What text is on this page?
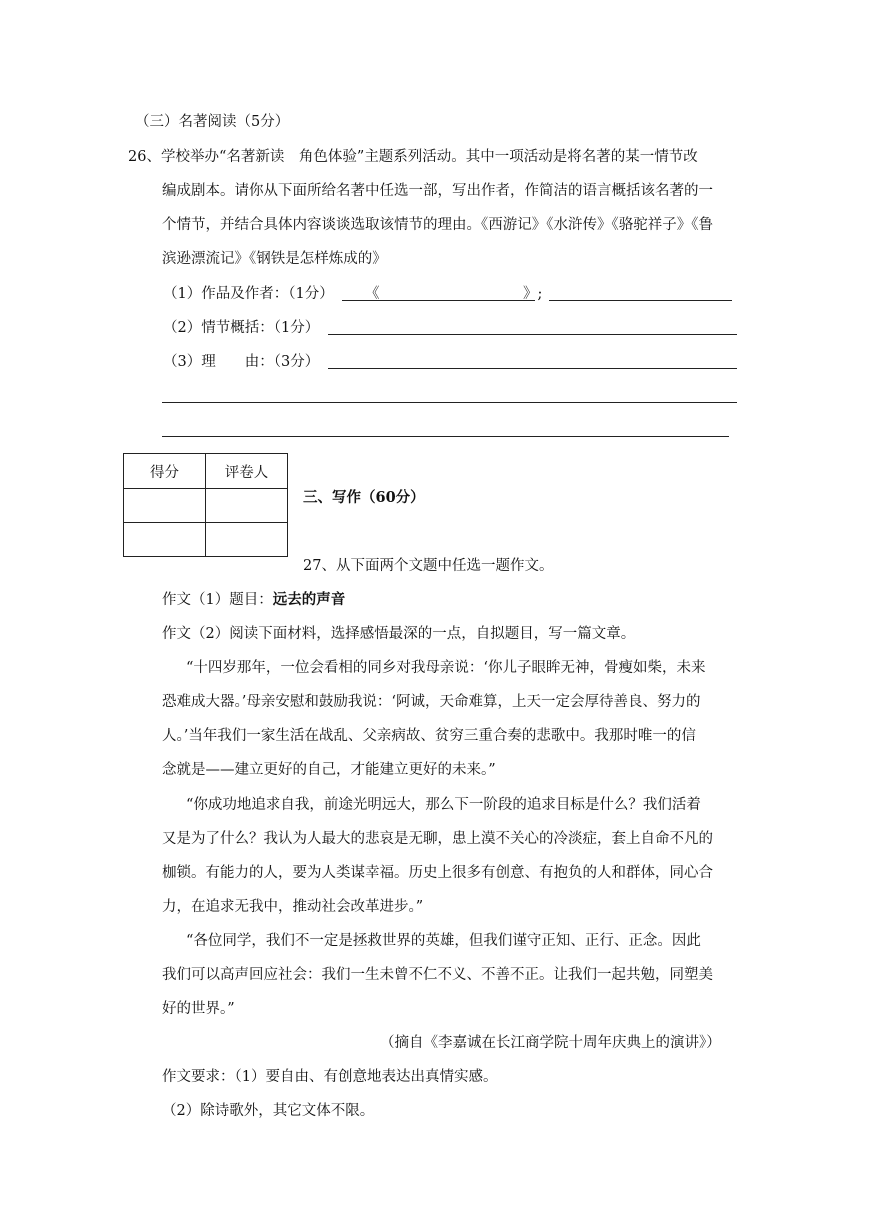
（三）名著阅读（5分）
26、学校举办“名著新读　角色体验”主题系列活动。其中一项活动是将名著的某一情节改
编成剧本。请你从下面所给名著中任选一部，写出作者，作简洁的语言概括该名著的一
个情节，并结合具体内容谈谈选取该情节的理由。《西游记》《水浒传》《骆驼祥子》《鲁
滨逊漂流记》《钢铁是怎样炼成的》
（1）作品及作者：（1分） 《	》;
（2）情节概括：（1分）
（3）理　　由：（3分）
得分	评卷人

三、写作（60分）
27、从下面两个文题中任选一题作文。
作文（1）题目：远去的声音
作文（2）阅读下面材料，选择感悟最深的一点，自拟题目，写一篇文章。
“十四岁那年，一位会看相的同乡对我母亲说：‘你儿子眼眸无神，骨瘦如柴，未来
恐难成大器。’母亲安慰和鼓励我说：‘阿诚，天命难算，上天一定会厚待善良、努力的
人。’当年我们一家生活在战乱、父亲病故、贫穷三重合奏的悲歌中。我那时唯一的信
念就是——建立更好的自己，才能建立更好的未来。”
“你成功地追求自我，前途光明远大，那么下一阶段的追求目标是什么？我们活着
又是为了什么？我认为人最大的悲哀是无聊，患上漠不关心的冷淡症，套上自命不凡的
枷锁。有能力的人，要为人类谋幸福。历史上很多有创意、有抱负的人和群体，同心合
力，在追求无我中，推动社会改革进步。”
“各位同学，我们不一定是拯救世界的英雄，但我们谨守正知、正行、正念。因此
我们可以高声回应社会：我们一生未曾不仁不义、不善不正。让我们一起共勉，同塑美
好的世界。”
（摘自《李嘉诚在长江商学院十周年庆典上的演讲》）
作文要求：（1）要自由、有创意地表达出真情实感。
（2）除诗歌外，其它文体不限。
